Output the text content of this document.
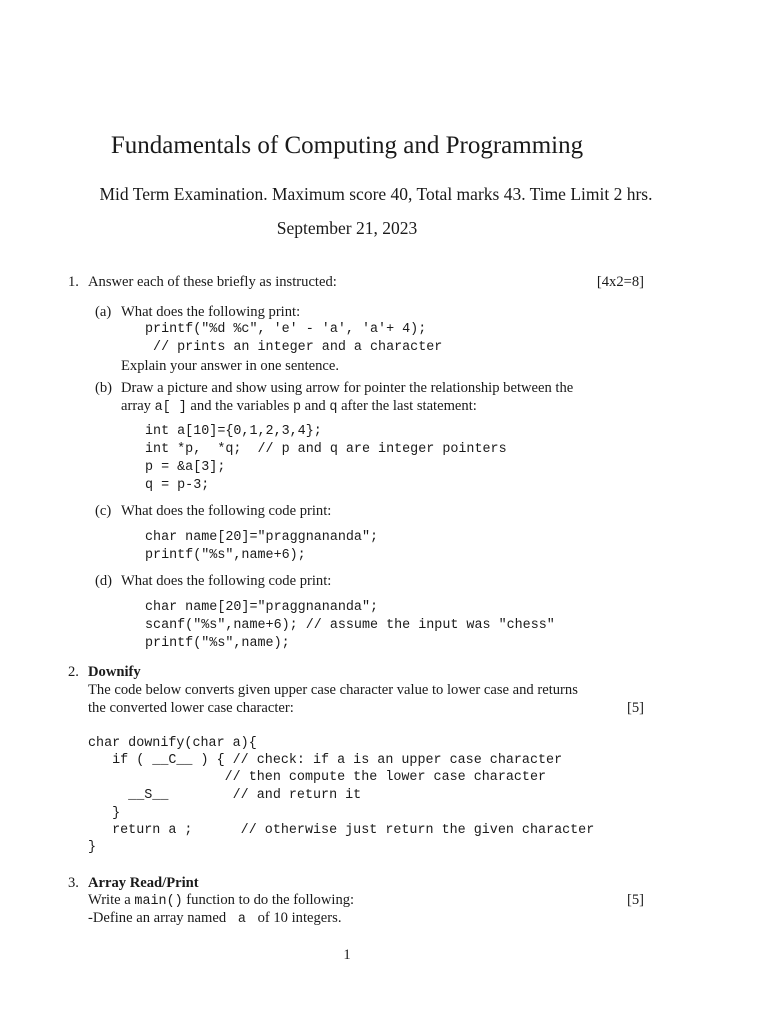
Fundamentals of Computing and Programming
Mid Term Examination. Maximum score 40, Total marks 43. Time Limit 2 hrs.
September 21, 2023
1. Answer each of these briefly as instructed:	[4x2=8]
(a) What does the following print:
printf("%d %c", 'e' - 'a', 'a'+ 4);
// prints an integer and a character
Explain your answer in one sentence.
(b) Draw a picture and show using arrow for pointer the relationship between the
array a[ ] and the variables p and q after the last statement:
int a[10]={0,1,2,3,4};
int *p,  *q;  // p and q are integer pointers
p = &a[3];
q = p-3;
(c) What does the following code print:
char name[20]="praggnananda";
printf("%s",name+6);
(d) What does the following code print:
char name[20]="praggnananda";
scanf("%s",name+6); // assume the input was "chess"
printf("%s",name);
2. Downify
The code below converts given upper case character value to lower case and returns
the converted lower case character:	[5]
char downify(char a){
if ( __C__ ) { // check: if a is an upper case character
// then compute the lower case character
__S__        // and return it
}
return a ;      // otherwise just return the given character
}
3. Array Read/Print
Write a main() function to do the following:	[5]
-Define an array named  a  of 10 integers.
1
